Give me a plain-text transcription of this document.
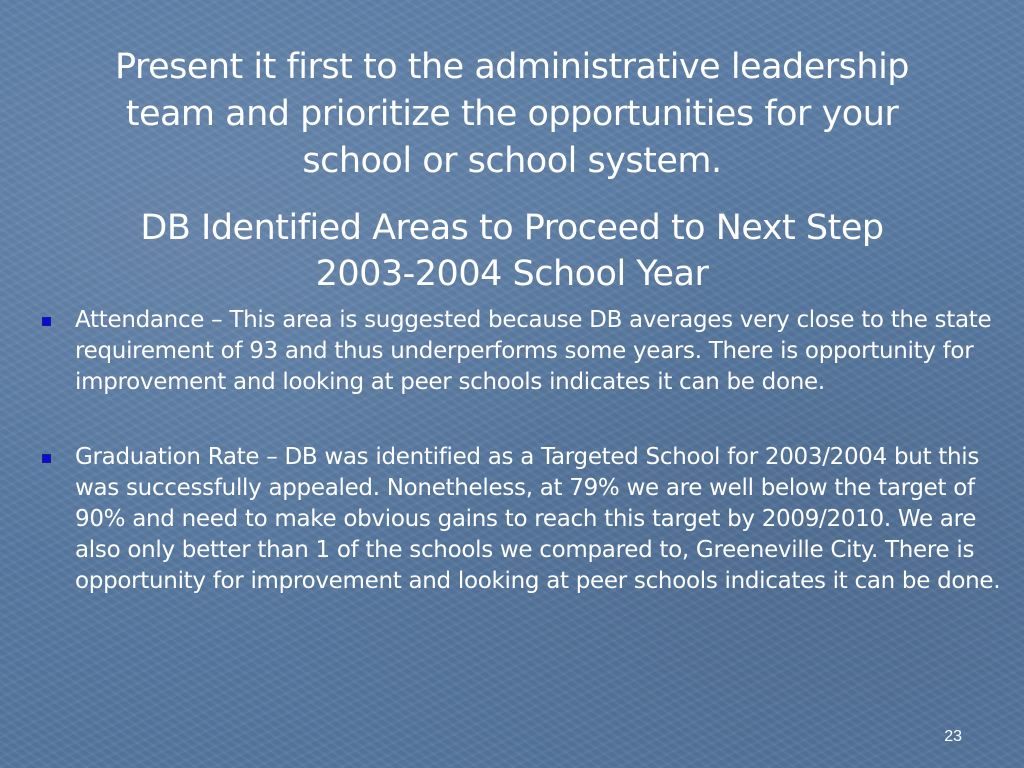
Present it first to the administrative leadership team and prioritize the opportunities for your school or school system.
DB Identified Areas to Proceed to Next Step
2003-2004 School Year
Attendance – This area is suggested because DB averages very close to the state requirement of 93 and thus underperforms some years. There is opportunity for improvement and looking at peer schools indicates it can be done.
Graduation Rate – DB was identified as a Targeted School for 2003/2004 but this was successfully appealed. Nonetheless, at 79% we are well below the target of 90% and need to make obvious gains to reach this target by 2009/2010. We are also only better than 1 of the schools we compared to, Greeneville City. There is opportunity for improvement and looking at peer schools indicates it can be done.
23
